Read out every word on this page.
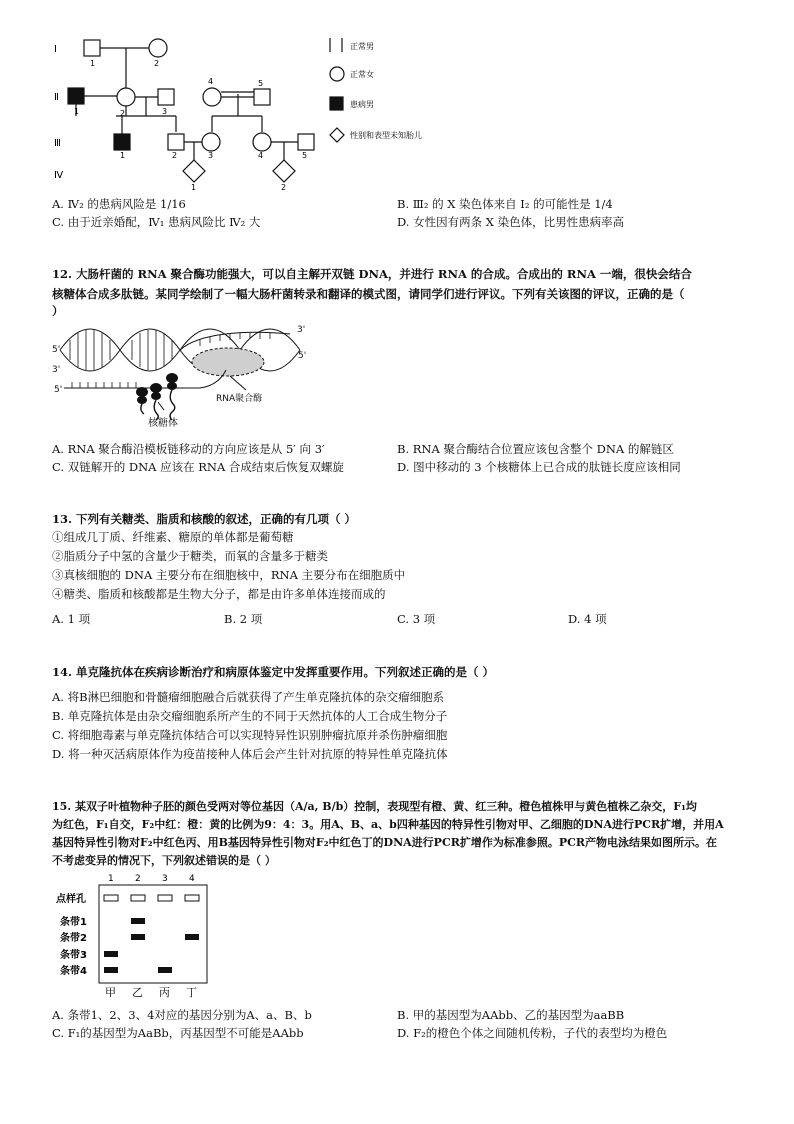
Ⅰ
Ⅱ
Ⅲ
Ⅳ
1	2
1	2	3
4	5
1	2	3	4	5
1	2
正常男
正常女
患病男
性别和表型未知胎儿
A. Ⅳ₂ 的患病风险是 1/16	B. Ⅲ₂ 的 X 染色体来自 Ⅰ₂ 的可能性是 1/4
C. 由于近亲婚配，Ⅳ₁ 患病风险比 Ⅳ₂ 大	D. 女性因有两条 X 染色体，比男性患病率高
12. 大肠杆菌的 RNA 聚合酶功能强大，可以自主解开双链 DNA，并进行 RNA 的合成。合成出的 RNA 一端，很快会结合
核糖体合成多肽链。某同学绘制了一幅大肠杆菌转录和翻译的模式图，请同学们进行评议。下列有关该图的评议，正确的是（
）
3'
5'
5'
3'
5'
RNA聚合酶
核糖体
A. RNA 聚合酶沿模板链移动的方向应该是从 5′ 向 3′	B. RNA 聚合酶结合位置应该包含整个 DNA 的解链区
C. 双链解开的 DNA 应该在 RNA 合成结束后恢复双螺旋	D. 图中移动的 3 个核糖体上已合成的肽链长度应该相同
13. 下列有关糖类、脂质和核酸的叙述，正确的有几项（ ）
①组成几丁质、纤维素、糖原的单体都是葡萄糖
②脂质分子中氢的含量少于糖类，而氧的含量多于糖类
③真核细胞的 DNA 主要分布在细胞核中，RNA 主要分布在细胞质中
④糖类、脂质和核酸都是生物大分子，都是由许多单体连接而成的
A. 1 项	B. 2 项	C. 3 项	D. 4 项
14. 单克隆抗体在疾病诊断治疗和病原体鉴定中发挥重要作用。下列叙述正确的是（ ）
A. 将B淋巴细胞和骨髓瘤细胞融合后就获得了产生单克隆抗体的杂交瘤细胞系
B. 单克隆抗体是由杂交瘤细胞系所产生的不同于天然抗体的人工合成生物分子
C. 将细胞毒素与单克隆抗体结合可以实现特异性识别肿瘤抗原并杀伤肿瘤细胞
D. 将一种灭活病原体作为疫苗接种人体后会产生针对抗原的特异性单克隆抗体
15. 某双子叶植物种子胚的颜色受两对等位基因（A/a, B/b）控制，表现型有橙、黄、红三种。橙色植株甲与黄色植株乙杂交，F₁均
为红色，F₁自交，F₂中红：橙：黄的比例为9：4：3。用A、B、a、b四种基因的特异性引物对甲、乙细胞的DNA进行PCR扩增，并用A
基因特异性引物对F₂中红色丙、用B基因特异性引物对F₂中红色丁的DNA进行PCR扩增作为标准参照。PCR产物电泳结果如图所示。在
不考虑变异的情况下，下列叙述错误的是（ ）
1 2 3 4
点样孔
条带1
条带2
条带3
条带4
甲 乙 丙 丁
A. 条带1、2、3、4对应的基因分别为A、a、B、b	B. 甲的基因型为AAbb、乙的基因型为aaBB
C. F₁的基因型为AaBb，丙基因型不可能是AAbb	D. F₂的橙色个体之间随机传粉，子代的表型均为橙色
